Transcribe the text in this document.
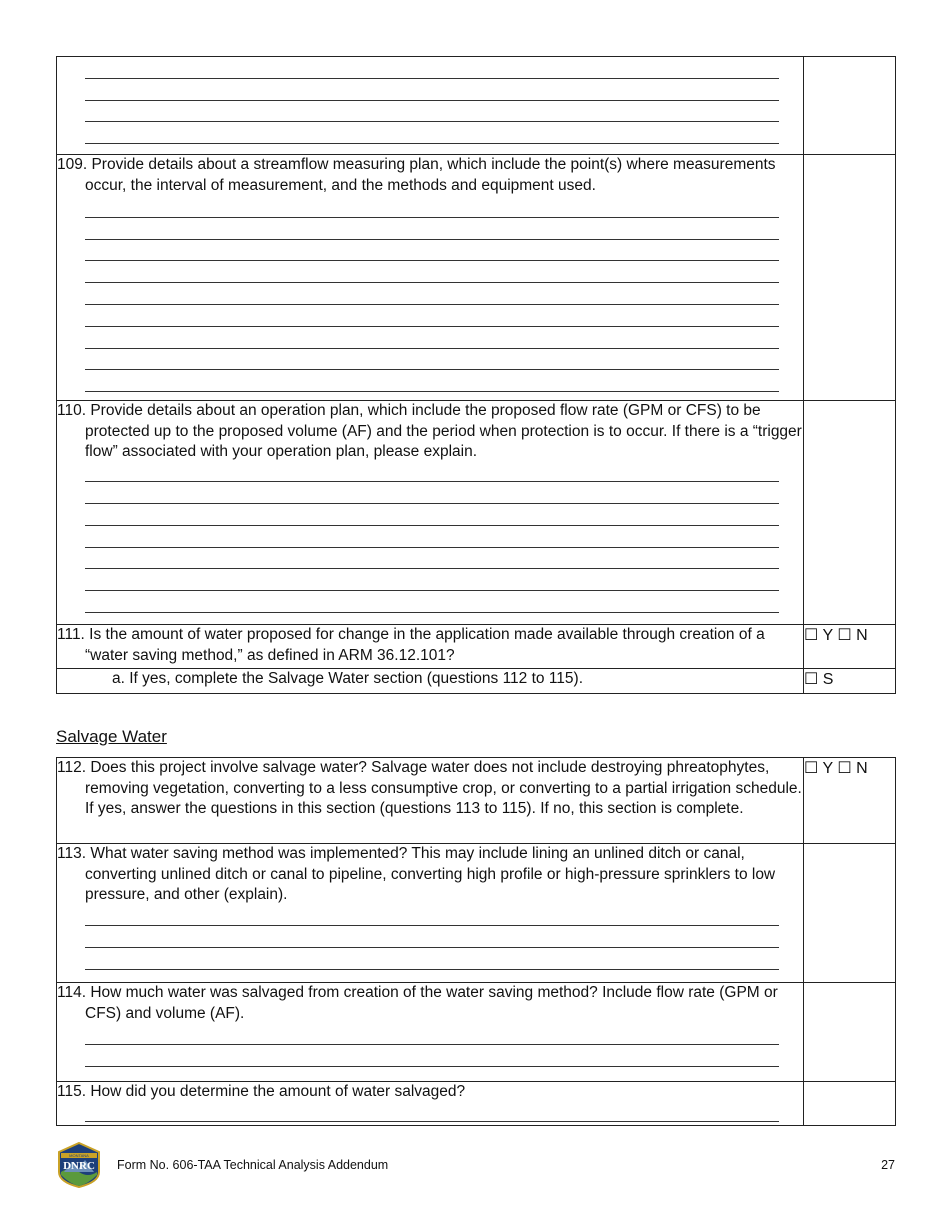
109. Provide details about a streamflow measuring plan, which include the point(s) where measurements occur, the interval of measurement, and the methods and equipment used.	

110. Provide details about an operation plan, which include the proposed flow rate (GPM or CFS) to be protected up to the proposed volume (AF) and the period when protection is to occur. If there is a “trigger flow” associated with your operation plan, please explain.	

111. Is the amount of water proposed for change in the application made available through creation of a “water saving method,” as defined in ARM 36.12.101?	☐ Y ☐ N

a. If yes, complete the Salvage Water section (questions 112 to 115).	☐ S
Salvage Water

112. Does this project involve salvage water? Salvage water does not include destroying phreatophytes, removing vegetation, converting to a less consumptive crop, or converting to a partial irrigation schedule. If yes, answer the questions in this section (questions 113 to 115). If no, this section is complete.	☐ Y ☐ N

113. What water saving method was implemented? This may include lining an unlined ditch or canal, converting unlined ditch or canal to pipeline, converting high profile or high-pressure sprinklers to low pressure, and other (explain).	

114. How much water was salvaged from creation of the water saving method? Include flow rate (GPM or CFS) and volume (AF).	

115. How did you determine the amount of water salvaged?	

MONTANA
DNRC Form No. 606-TAA Technical Analysis Addendum	27
